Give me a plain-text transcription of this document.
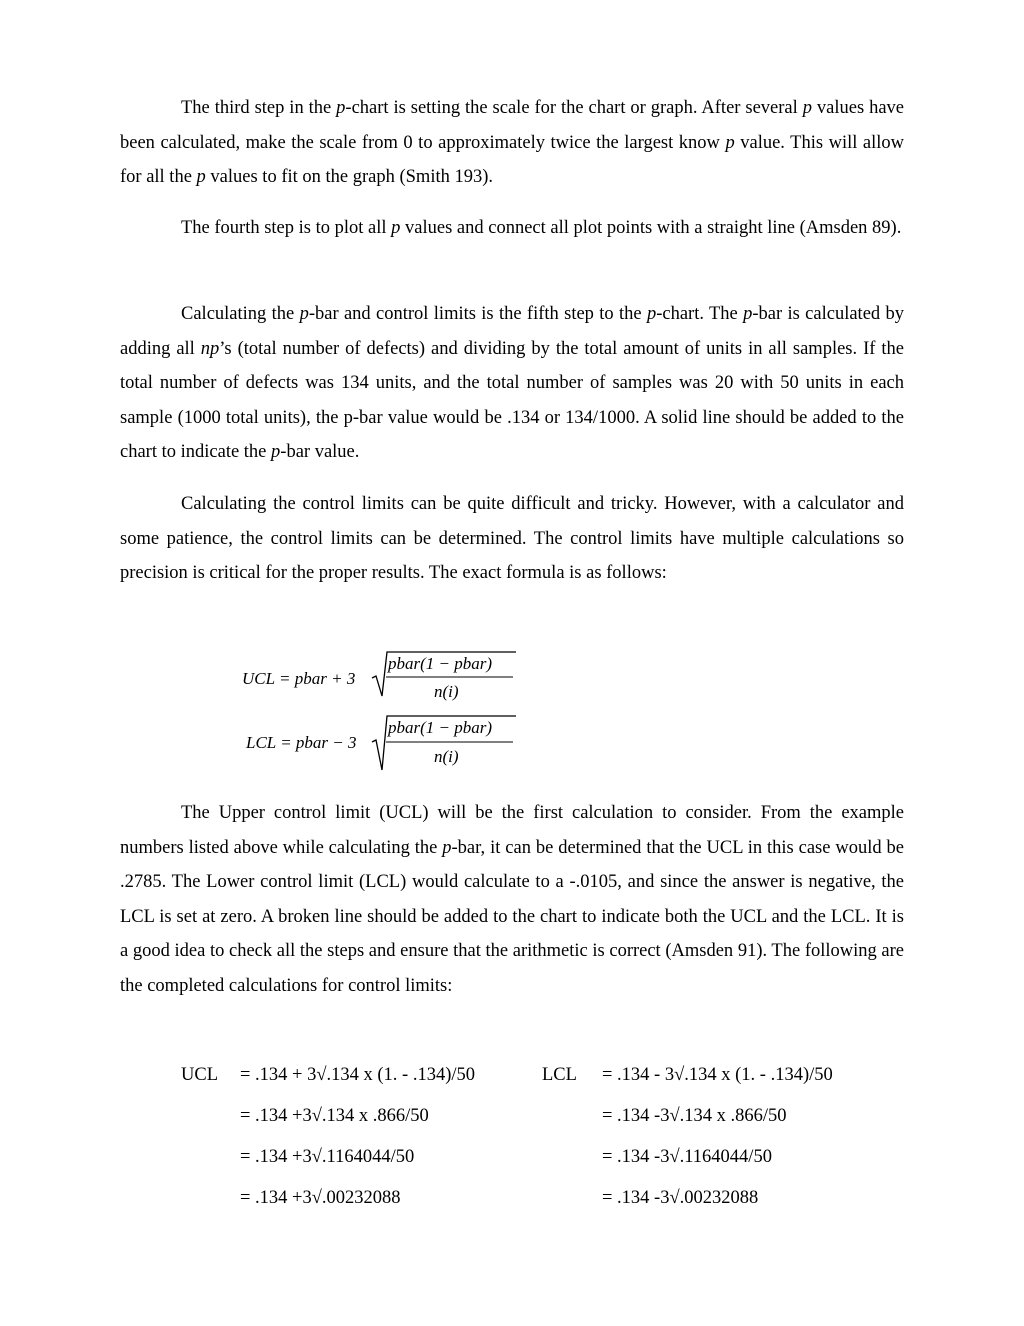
The third step in the p-chart is setting the scale for the chart or graph. After several p values have been calculated, make the scale from 0 to approximately twice the largest know p value. This will allow for all the p values to fit on the graph (Smith 193).

The fourth step is to plot all p values and connect all plot points with a straight line (Amsden 89).

Calculating the p-bar and control limits is the fifth step to the p-chart. The p-bar is calculated by adding all np’s (total number of defects) and dividing by the total amount of units in all samples. If the total number of defects was 134 units, and the total number of samples was 20 with 50 units in each sample (1000 total units), the p-bar value would be .134 or 134/1000. A solid line should be added to the chart to indicate the p-bar value.

Calculating the control limits can be quite difficult and tricky. However, with a calculator and some patience, the control limits can be determined. The control limits have multiple calculations so precision is critical for the proper results. The exact formula is as follows:

UCL = pbar + 3
pbar(1 − pbar)
n(i)
LCL = pbar − 3
pbar(1 − pbar)
n(i)

The Upper control limit (UCL) will be the first calculation to consider. From the example numbers listed above while calculating the p-bar, it can be determined that the UCL in this case would be .2785. The Lower control limit (LCL) would calculate to a -.0105, and since the answer is negative, the LCL is set at zero. A broken line should be added to the chart to indicate both the UCL and the LCL. It is a good idea to check all the steps and ensure that the arithmetic is correct (Amsden 91). The following are the completed calculations for control limits:

UCL = .134 + 3√.134 x (1. - .134)/50
= .134 +3√.134 x .866/50
= .134 +3√.1164044/50
= .134 +3√.00232088
LCL = .134 - 3√.134 x (1. - .134)/50
= .134 -3√.134 x .866/50
= .134 -3√.1164044/50
= .134 -3√.00232088
